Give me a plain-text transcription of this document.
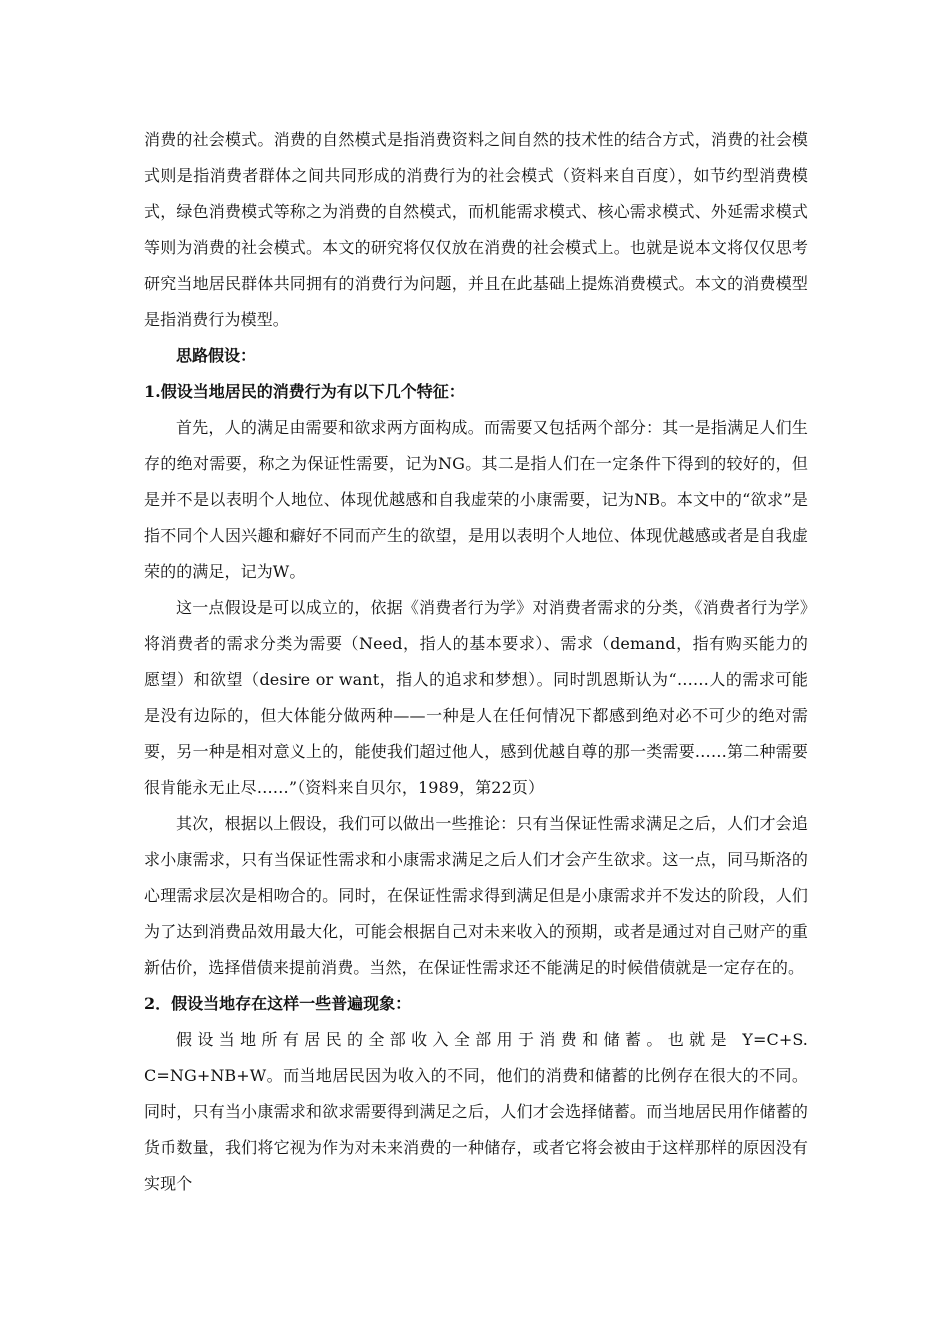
消费的社会模式。消费的自然模式是指消费资料之间自然的技术性的结合方式，消费的社会模式则是指消费者群体之间共同形成的消费行为的社会模式（资料来自百度），如节约型消费模式，绿色消费模式等称之为消费的自然模式，而机能需求模式、核心需求模式、外延需求模式等则为消费的社会模式。本文的研究将仅仅放在消费的社会模式上。也就是说本文将仅仅思考研究当地居民群体共同拥有的消费行为问题，并且在此基础上提炼消费模式。本文的消费模型是指消费行为模型。

思路假设：

1.假设当地居民的消费行为有以下几个特征：

首先，人的满足由需要和欲求两方面构成。而需要又包括两个部分：其一是指满足人们生存的绝对需要，称之为保证性需要，记为NG。其二是指人们在一定条件下得到的较好的，但是并不是以表明个人地位、体现优越感和自我虚荣的小康需要，记为NB。本文中的“欲求”是指不同个人因兴趣和癖好不同而产生的欲望，是用以表明个人地位、体现优越感或者是自我虚荣的的满足，记为W。

这一点假设是可以成立的，依据《消费者行为学》对消费者需求的分类，《消费者行为学》将消费者的需求分类为需要（Need，指人的基本要求）、需求（demand，指有购买能力的愿望）和欲望（desire or want，指人的追求和梦想）。同时凯恩斯认为“……人的需求可能是没有边际的，但大体能分做两种——一种是人在任何情况下都感到绝对必不可少的绝对需要，另一种是相对意义上的，能使我们超过他人，感到优越自尊的那一类需要……第二种需要很肯能永无止尽……”（资料来自贝尔，1989，第22页）

其次，根据以上假设，我们可以做出一些推论：只有当保证性需求满足之后，人们才会追求小康需求，只有当保证性需求和小康需求满足之后人们才会产生欲求。这一点，同马斯洛的心理需求层次是相吻合的。同时，在保证性需求得到满足但是小康需求并不发达的阶段，人们为了达到消费品效用最大化，可能会根据自己对未来收入的预期，或者是通过对自己财产的重新估价，选择借债来提前消费。当然，在保证性需求还不能满足的时候借债就是一定存在的。

2．假设当地存在这样一些普遍现象：

假设当地所有居民的全部收入全部用于消费和储蓄。也就是 Y=C+S. C=NG+NB+W。而当地居民因为收入的不同，他们的消费和储蓄的比例存在很大的不同。同时，只有当小康需求和欲求需要得到满足之后，人们才会选择储蓄。而当地居民用作储蓄的货币数量，我们将它视为作为对未来消费的一种储存，或者它将会被由于这样那样的原因没有实现个
